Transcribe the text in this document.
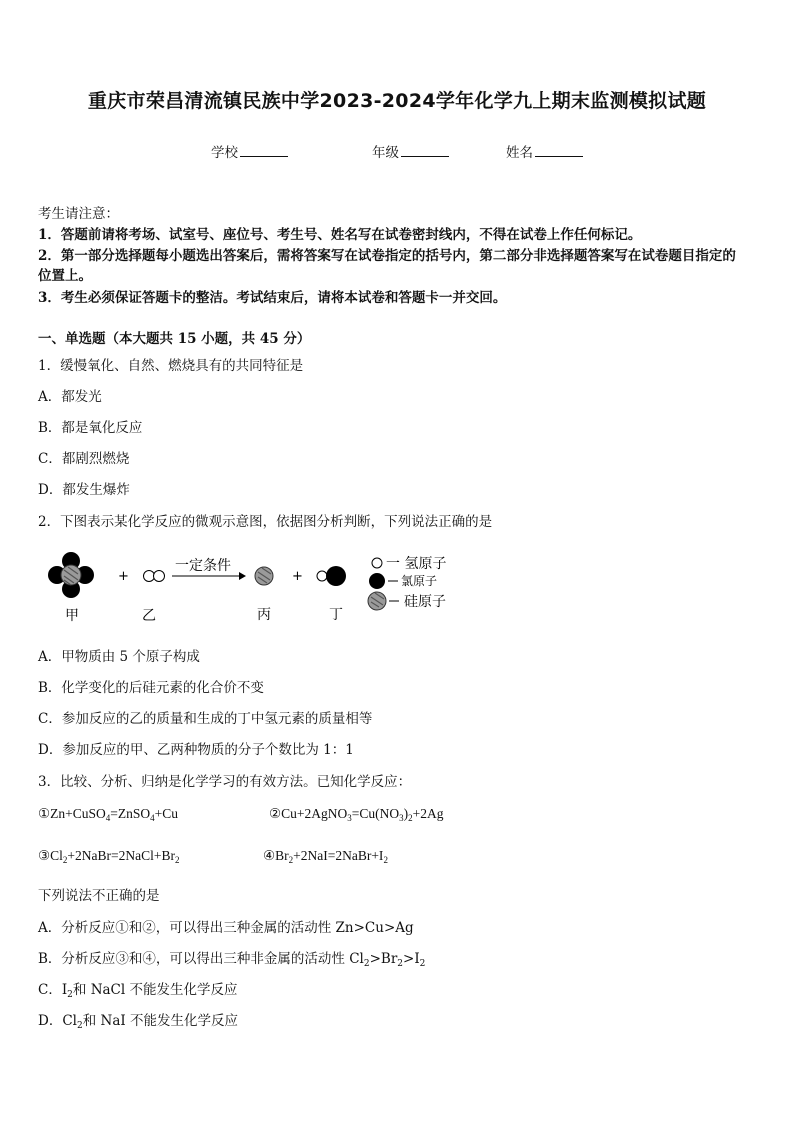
重庆市荣昌清流镇民族中学2023-2024学年化学九上期末监测模拟试题
学校	年级	姓名
考生请注意：
1．答题前请将考场、试室号、座位号、考生号、姓名写在试卷密封线内，不得在试卷上作任何标记。
2．第一部分选择题每小题选出答案后，需将答案写在试卷指定的括号内，第二部分非选择题答案写在试卷题目指定的
位置上。
3．考生必须保证答题卡的整洁。考试结束后，请将本试卷和答题卡一并交回。
一、单选题（本大题共 15 小题，共 45 分）
1．缓慢氧化、自然、燃烧具有的共同特征是
A．都发光
B．都是氧化反应
C．都剧烈燃烧
D．都发生爆炸
2．下图表示某化学反应的微观示意图，依据图分析判断，下列说法正确的是
+
一定条件
+
甲	乙	丙	丁
一 氢原子
氯原子
硅原子
A．甲物质由 5 个原子构成
B．化学变化的后硅元素的化合价不变
C．参加反应的乙的质量和生成的丁中氢元素的质量相等
D．参加反应的甲、乙两种物质的分子个数比为 1：1
3．比较、分析、归纳是化学学习的有效方法。已知化学反应：
①Zn+CuSO$_4$=ZnSO$_4$+Cu	$②Cu+2AgNO_3=Cu(NO_3)_2+2Ag$
$③Cl_2+2NaBr=2NaCl+Br_2$	$④Br_2+2NaI=2NaBr+I_2$
下列说法不正确的是
A．分析反应①和②，可以得出三种金属的活动性 Zn>Cu>Ag
B．分析反应③和④，可以得出三种非金属的活动性 $Cl_2>Br_2>I_2$
C．$I_2$和 NaCl 不能发生化学反应
D．$Cl_2$和 NaI 不能发生化学反应
